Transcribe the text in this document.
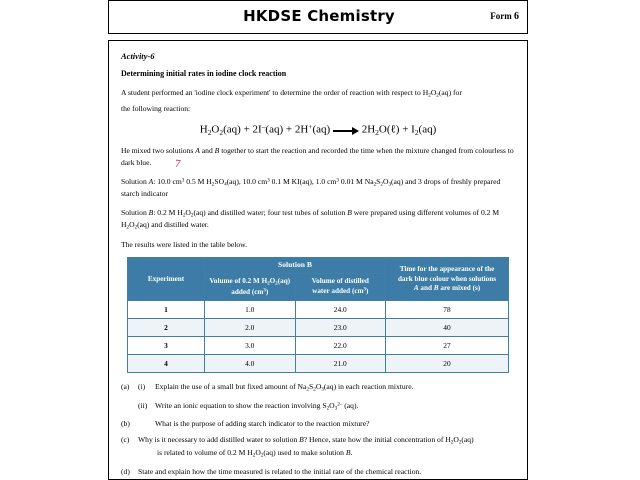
HKDSE Chemistry	Form 6
Activity-6
Determining initial rates in iodine clock reaction

A student performed an 'iodine clock experiment' to determine the order of reaction with respect to $H_2O_2(aq)$ for

the following reaction:

$H_2O_2(aq) + 2I^-(aq) + 2H^+(aq)$  $2H_2O(\ell) + I_2(aq)$

He mixed two solutions A and B together to start the reaction and recorded the time when the mixture changed from colourless to dark blue.

Solution A: 10.0 $cm^3$ 0.5 M $H_2SO_4(aq)$, 10.0 $cm^3$ 0.1 M KI(aq), 1.0 $cm^3$ 0.01 M $Na_2S_2O_3(aq)$ and 3 drops of freshly prepared starch indicator

Solution B: 0.2 M $H_2O_2(aq)$ and distilled water; four test tubes of solution B were prepared using different volumes of 0.2 M $H_2O_2(aq)$ and distilled water.

The results were listed in the table below.

Experiment	Solution B		Time for the appearance of the
dark blue colour when solutions
A and B are mixed (s)
	Volume of 0.2 M $H_2O_2(aq)$
added $(cm^3)$	Volume of distilled
water added $(cm^3)$	
1	1.0	24.0	78
2	2.0	23.0	40
3	3.0	22.0	27
4	4.0	21.0	20
(a)	(i)	Explain the use of a small but fixed amount of $Na_2S_2O_3(aq)$ in each reaction mixture.
(ii)	Write an ionic equation to show the reaction involving $S_2O_3^{2-}$ (aq).
(b)	What is the purpose of adding starch indicator to the reaction mixture?
(c)	Why is it necessary to add distilled water to solution B? Hence, state how the initial concentration of $H_2O_2(aq)$
is related to volume of 0.2 M $H_2O_2(aq)$ used to make solution B.
(d)	State and explain how the time measured is related to the initial rate of the chemical reaction.
7
